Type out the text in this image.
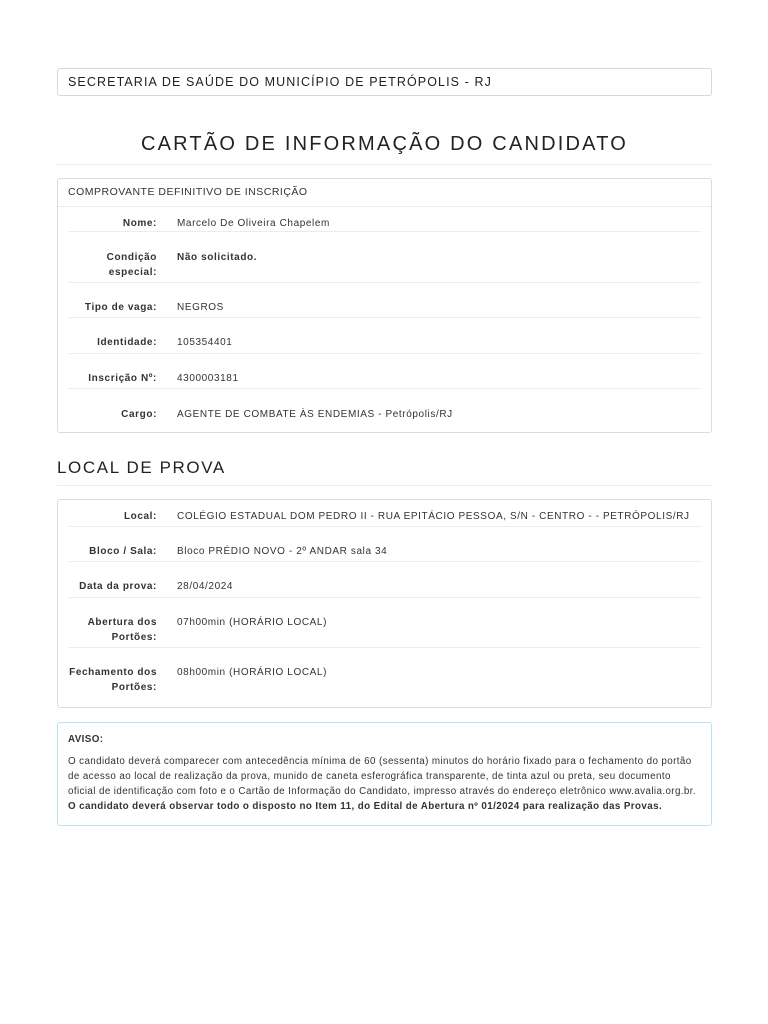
SECRETARIA DE SAÚDE DO MUNICÍPIO DE PETRÓPOLIS - RJ
CARTÃO DE INFORMAÇÃO DO CANDIDATO
COMPROVANTE DEFINITIVO DE INSCRIÇÃO
Nome: Marcelo De Oliveira Chapelem
Condição
especial:
Não solicitado.
Tipo de vaga: NEGROS
Identidade: 105354401
Inscrição Nº: 4300003181
Cargo: AGENTE DE COMBATE ÀS ENDEMIAS - Petrópolis/RJ
LOCAL DE PROVA
Local: COLÉGIO ESTADUAL DOM PEDRO II - RUA EPITÁCIO PESSOA, S/N - CENTRO - - PETRÓPOLIS/RJ
Bloco / Sala: Bloco PRÉDIO NOVO - 2º ANDAR sala 34
Data da prova: 28/04/2024
Abertura dos
Portões:
07h00min (HORÁRIO LOCAL)
Fechamento dos
Portões:
08h00min (HORÁRIO LOCAL)
AVISO:
O candidato deverá comparecer com antecedência mínima de 60 (sessenta) minutos do horário fixado para o fechamento do portão de acesso ao local de realização da prova, munido de caneta esferográfica transparente, de tinta azul ou preta, seu documento oficial de identificação com foto e o Cartão de Informação do Candidato, impresso através do endereço eletrônico www.avalia.org.br.
O candidato deverá observar todo o disposto no Item 11, do Edital de Abertura nº 01/2024 para realização das Provas.
